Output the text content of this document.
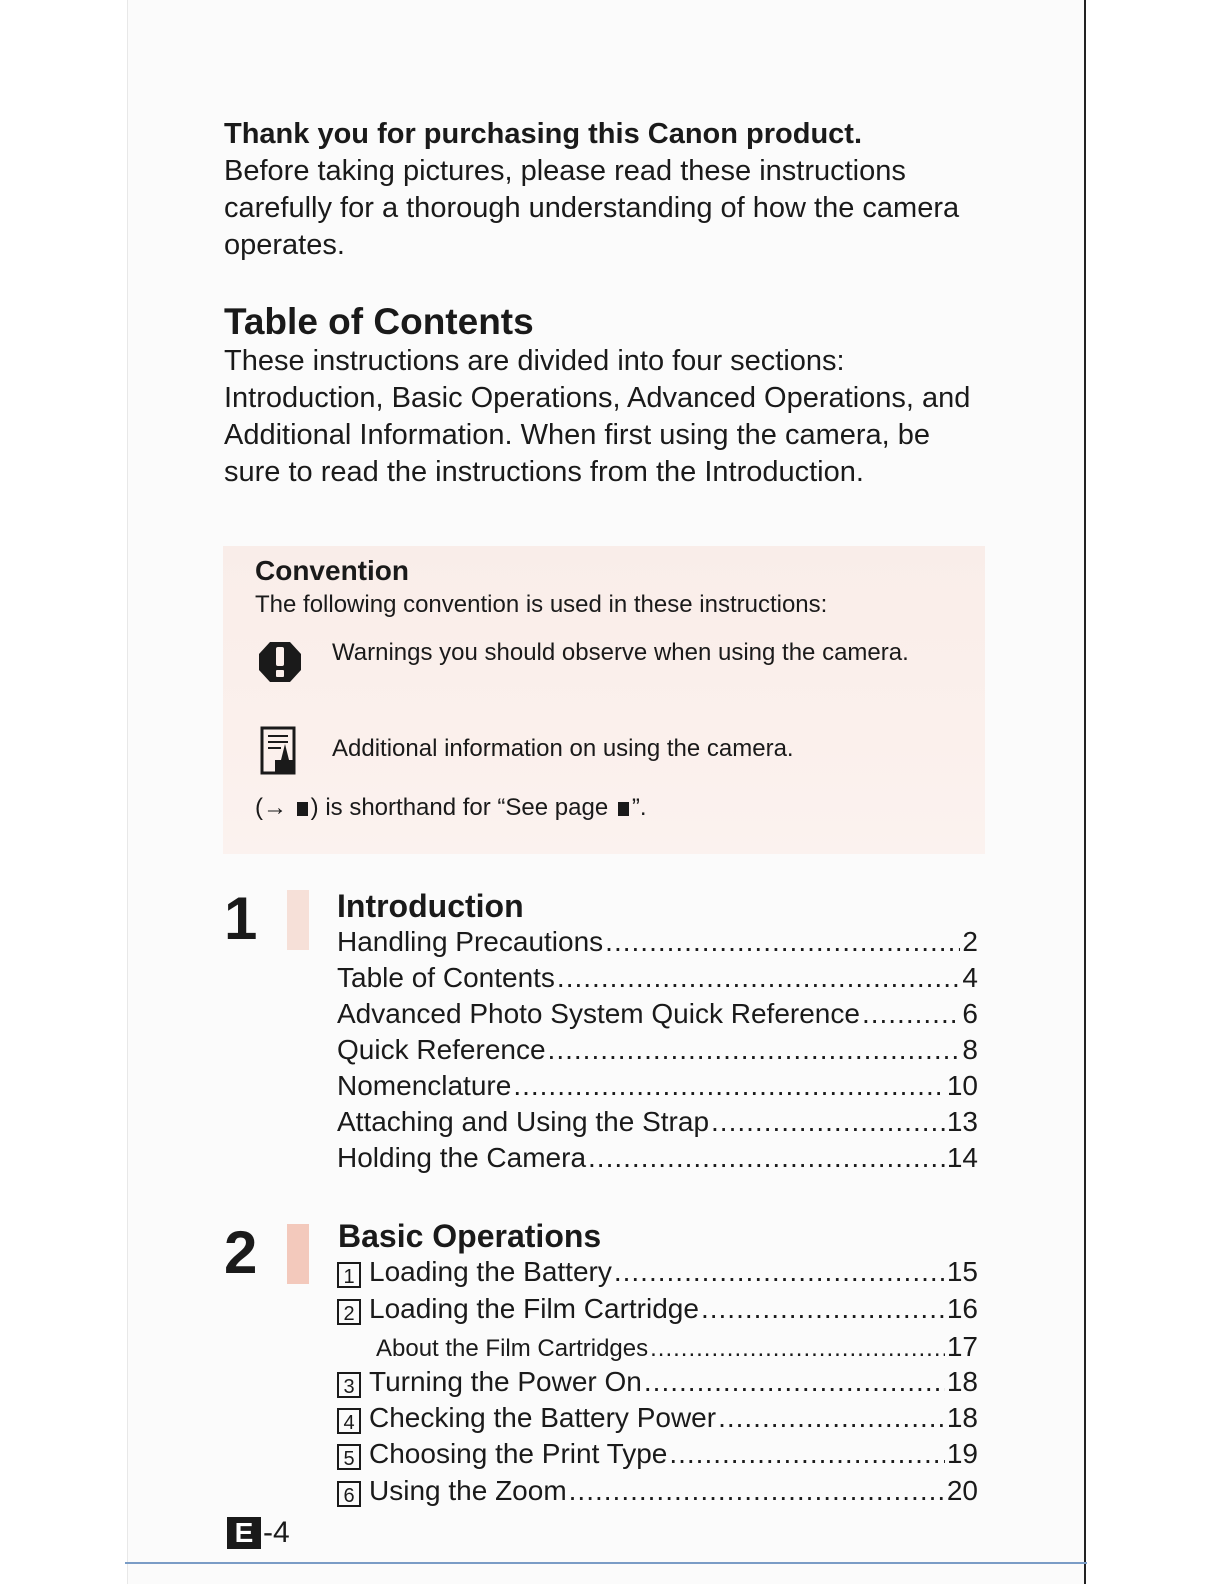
Thank you for purchasing this Canon product.
Before taking pictures, please read these instructions carefully for a thorough understanding of how the camera operates.
Table of Contents
These instructions are divided into four sections: Introduction, Basic Operations, Advanced Operations, and Additional Information. When first using the camera, be sure to read the instructions from the Introduction.
Convention
The following convention is used in these instructions:
Warnings you should observe when using the camera.
Additional information on using the camera.
(→ ) is shorthand for “See page ”.
1 Introduction
Handling Precautions .....	2
Table of Contents .....	4
Advanced Photo System Quick Reference .....	6
Quick Reference .....	8
Nomenclature .....	10
Attaching and Using the Strap .....	13
Holding the Camera .....	14
2	Basic Operations
1 Loading the Battery .....	15
2 Loading the Film Cartridge .....	16
About the Film Cartridges .....	17
3 Turning the Power On .....	18
4 Checking the Battery Power .....	18
5 Choosing the Print Type .....	19
6 Using the Zoom .....	20
E -4
